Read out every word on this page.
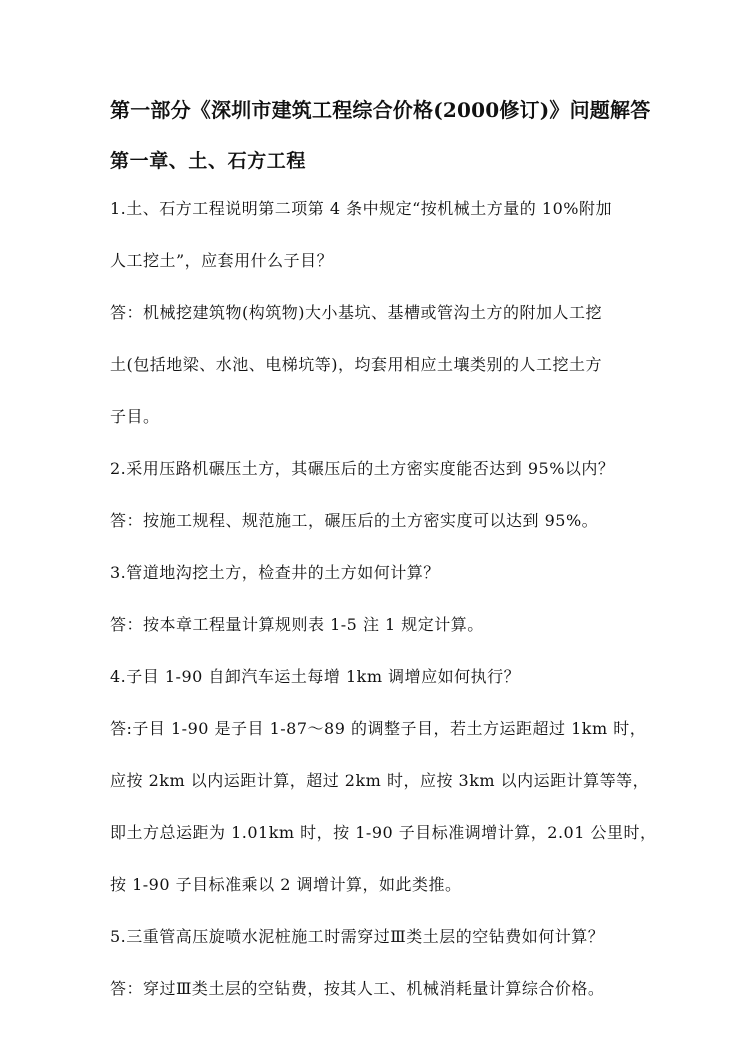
第一部分《深圳市建筑工程综合价格(2000修订)》问题解答
第一章、土、石方工程
1.土、石方工程说明第二项第 4 条中规定“按机械土方量的 10%附加
人工挖土”，应套用什么子目？
答：机械挖建筑物(构筑物)大小基坑、基槽或管沟土方的附加人工挖
土(包括地梁、水池、电梯坑等)，均套用相应土壤类别的人工挖土方
子目。
2.采用压路机碾压土方，其碾压后的土方密实度能否达到 95%以内？
答：按施工规程、规范施工，碾压后的土方密实度可以达到 95%。
3.管道地沟挖土方，检查井的土方如何计算？
答：按本章工程量计算规则表 1-5 注 1 规定计算。
4.子目 1-90 自卸汽车运土每增 1km 调增应如何执行？
答:子目 1-90 是子目 1-87～89 的调整子目，若土方运距超过 1km 时，
应按 2km 以内运距计算，超过 2km 时，应按 3km 以内运距计算等等，
即土方总运距为 1.01km 时，按 1-90 子目标准调增计算，2.01 公里时，
按 1-90 子目标准乘以 2 调增计算，如此类推。
5.三重管高压旋喷水泥桩施工时需穿过Ⅲ类土层的空钻费如何计算？
答：穿过Ⅲ类土层的空钻费，按其人工、机械消耗量计算综合价格。
